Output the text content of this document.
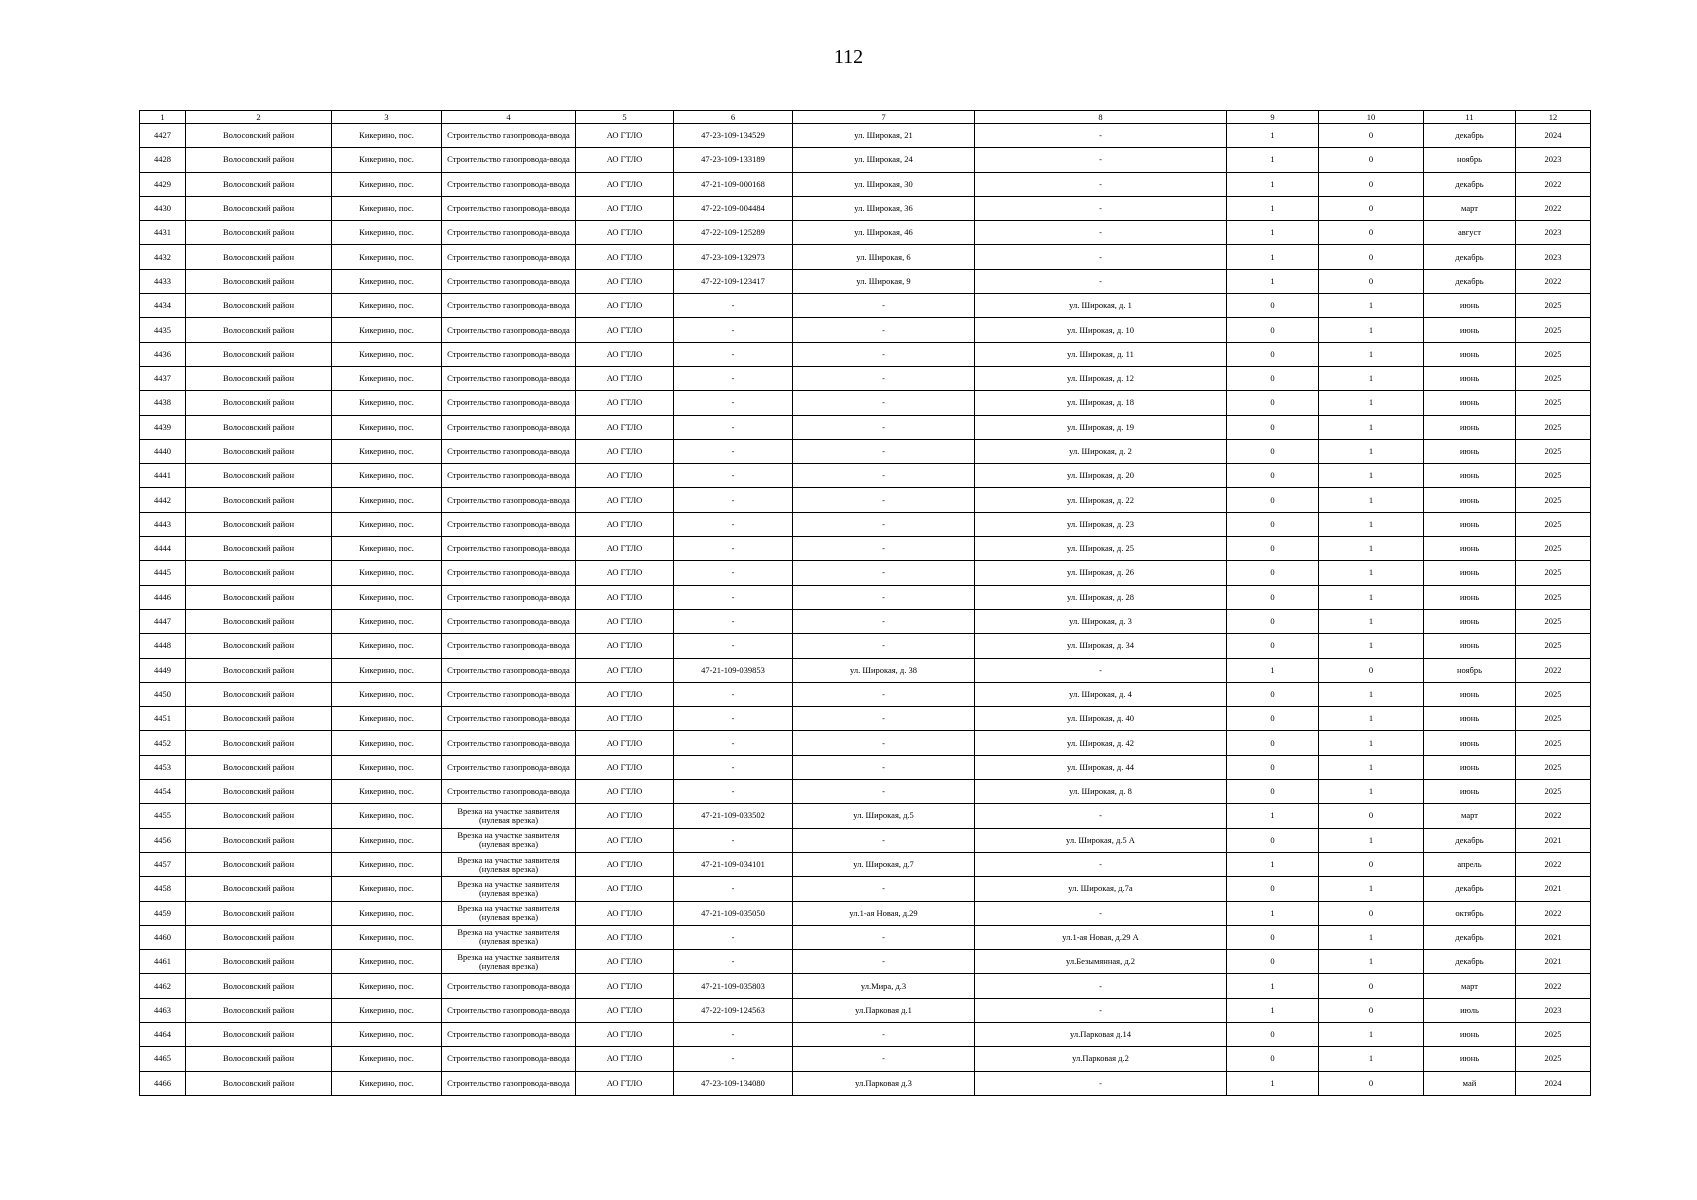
112
1	2	3	4	5	6	7	8	9	10	11	12
4427	Волосовский район	Кикерино, пос.	Строительство газопровода-ввода	АО ГТЛО	47-23-109-134529	ул. Широкая, 21	-	1	0	декабрь	2024
4428	Волосовский район	Кикерино, пос.	Строительство газопровода-ввода	АО ГТЛО	47-23-109-133189	ул. Широкая, 24	-	1	0	ноябрь	2023
4429	Волосовский район	Кикерино, пос.	Строительство газопровода-ввода	АО ГТЛО	47-21-109-000168	ул. Широкая, 30	-	1	0	декабрь	2022
4430	Волосовский район	Кикерино, пос.	Строительство газопровода-ввода	АО ГТЛО	47-22-109-004484	ул. Широкая, 36	-	1	0	март	2022
4431	Волосовский район	Кикерино, пос.	Строительство газопровода-ввода	АО ГТЛО	47-22-109-125289	ул. Широкая, 46	-	1	0	август	2023
4432	Волосовский район	Кикерино, пос.	Строительство газопровода-ввода	АО ГТЛО	47-23-109-132973	ул. Широкая, 6	-	1	0	декабрь	2023
4433	Волосовский район	Кикерино, пос.	Строительство газопровода-ввода	АО ГТЛО	47-22-109-123417	ул. Широкая, 9	-	1	0	декабрь	2022
4434	Волосовский район	Кикерино, пос.	Строительство газопровода-ввода	АО ГТЛО	-	-	ул. Широкая, д. 1	0	1	июнь	2025
4435	Волосовский район	Кикерино, пос.	Строительство газопровода-ввода	АО ГТЛО	-	-	ул. Широкая, д. 10	0	1	июнь	2025
4436	Волосовский район	Кикерино, пос.	Строительство газопровода-ввода	АО ГТЛО	-	-	ул. Широкая, д. 11	0	1	июнь	2025
4437	Волосовский район	Кикерино, пос.	Строительство газопровода-ввода	АО ГТЛО	-	-	ул. Широкая, д. 12	0	1	июнь	2025
4438	Волосовский район	Кикерино, пос.	Строительство газопровода-ввода	АО ГТЛО	-	-	ул. Широкая, д. 18	0	1	июнь	2025
4439	Волосовский район	Кикерино, пос.	Строительство газопровода-ввода	АО ГТЛО	-	-	ул. Широкая, д. 19	0	1	июнь	2025
4440	Волосовский район	Кикерино, пос.	Строительство газопровода-ввода	АО ГТЛО	-	-	ул. Широкая, д. 2	0	1	июнь	2025
4441	Волосовский район	Кикерино, пос.	Строительство газопровода-ввода	АО ГТЛО	-	-	ул. Широкая, д. 20	0	1	июнь	2025
4442	Волосовский район	Кикерино, пос.	Строительство газопровода-ввода	АО ГТЛО	-	-	ул. Широкая, д. 22	0	1	июнь	2025
4443	Волосовский район	Кикерино, пос.	Строительство газопровода-ввода	АО ГТЛО	-	-	ул. Широкая, д. 23	0	1	июнь	2025
4444	Волосовский район	Кикерино, пос.	Строительство газопровода-ввода	АО ГТЛО	-	-	ул. Широкая, д. 25	0	1	июнь	2025
4445	Волосовский район	Кикерино, пос.	Строительство газопровода-ввода	АО ГТЛО	-	-	ул. Широкая, д. 26	0	1	июнь	2025
4446	Волосовский район	Кикерино, пос.	Строительство газопровода-ввода	АО ГТЛО	-	-	ул. Широкая, д. 28	0	1	июнь	2025
4447	Волосовский район	Кикерино, пос.	Строительство газопровода-ввода	АО ГТЛО	-	-	ул. Широкая, д. 3	0	1	июнь	2025
4448	Волосовский район	Кикерино, пос.	Строительство газопровода-ввода	АО ГТЛО	-	-	ул. Широкая, д. 34	0	1	июнь	2025
4449	Волосовский район	Кикерино, пос.	Строительство газопровода-ввода	АО ГТЛО	47-21-109-039853	ул. Широкая, д. 38	-	1	0	ноябрь	2022
4450	Волосовский район	Кикерино, пос.	Строительство газопровода-ввода	АО ГТЛО	-	-	ул. Широкая, д. 4	0	1	июнь	2025
4451	Волосовский район	Кикерино, пос.	Строительство газопровода-ввода	АО ГТЛО	-	-	ул. Широкая, д. 40	0	1	июнь	2025
4452	Волосовский район	Кикерино, пос.	Строительство газопровода-ввода	АО ГТЛО	-	-	ул. Широкая, д. 42	0	1	июнь	2025
4453	Волосовский район	Кикерино, пос.	Строительство газопровода-ввода	АО ГТЛО	-	-	ул. Широкая, д. 44	0	1	июнь	2025
4454	Волосовский район	Кикерино, пос.	Строительство газопровода-ввода	АО ГТЛО	-	-	ул. Широкая, д. 8	0	1	июнь	2025
4455	Волосовский район	Кикерино, пос.	Врезка на участке заявителя (нулевая врезка)	АО ГТЛО	47-21-109-033502	ул. Широкая, д.5	-	1	0	март	2022
4456	Волосовский район	Кикерино, пос.	Врезка на участке заявителя (нулевая врезка)	АО ГТЛО	-	-	ул. Широкая, д.5 А	0	1	декабрь	2021
4457	Волосовский район	Кикерино, пос.	Врезка на участке заявителя (нулевая врезка)	АО ГТЛО	47-21-109-034101	ул. Широкая, д.7	-	1	0	апрель	2022
4458	Волосовский район	Кикерино, пос.	Врезка на участке заявителя (нулевая врезка)	АО ГТЛО	-	-	ул. Широкая, д.7а	0	1	декабрь	2021
4459	Волосовский район	Кикерино, пос.	Врезка на участке заявителя (нулевая врезка)	АО ГТЛО	47-21-109-035050	ул.1-ая Новая, д.29	-	1	0	октябрь	2022
4460	Волосовский район	Кикерино, пос.	Врезка на участке заявителя (нулевая врезка)	АО ГТЛО	-	-	ул.1-ая Новая, д.29 А	0	1	декабрь	2021
4461	Волосовский район	Кикерино, пос.	Врезка на участке заявителя (нулевая врезка)	АО ГТЛО	-	-	ул.Безымянная, д.2	0	1	декабрь	2021
4462	Волосовский район	Кикерино, пос.	Строительство газопровода-ввода	АО ГТЛО	47-21-109-035803	ул.Мира, д.3	-	1	0	март	2022
4463	Волосовский район	Кикерино, пос.	Строительство газопровода-ввода	АО ГТЛО	47-22-109-124563	ул.Парковая д.1	-	1	0	июль	2023
4464	Волосовский район	Кикерино, пос.	Строительство газопровода-ввода	АО ГТЛО	-	-	ул.Парковая д.14	0	1	июнь	2025
4465	Волосовский район	Кикерино, пос.	Строительство газопровода-ввода	АО ГТЛО	-	-	ул.Парковая д.2	0	1	июнь	2025
4466	Волосовский район	Кикерино, пос.	Строительство газопровода-ввода	АО ГТЛО	47-23-109-134080	ул.Парковая д.3	-	1	0	май	2024
